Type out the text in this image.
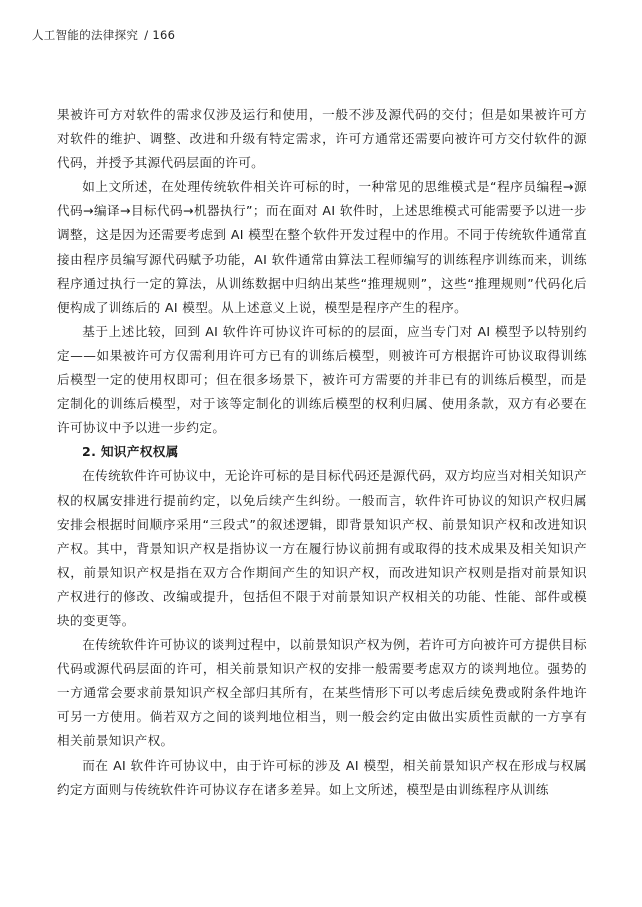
人工智能的法律探究 / 166

果被许可方对软件的需求仅涉及运行和使用，一般不涉及源代码的交付；但是如果被许可方对软件的维护、调整、改进和升级有特定需求，许可方通常还需要向被许可方交付软件的源代码，并授予其源代码层面的许可。

如上文所述，在处理传统软件相关许可标的时，一种常见的思维模式是“程序员编程→源代码→编译→目标代码→机器执行”；而在面对 AI 软件时，上述思维模式可能需要予以进一步调整，这是因为还需要考虑到 AI 模型在整个软件开发过程中的作用。不同于传统软件通常直接由程序员编写源代码赋予功能，AI 软件通常由算法工程师编写的训练程序训练而来，训练程序通过执行一定的算法，从训练数据中归纳出某些“推理规则”，这些“推理规则”代码化后便构成了训练后的 AI 模型。从上述意义上说，模型是程序产生的程序。

基于上述比较，回到 AI 软件许可协议许可标的的层面，应当专门对 AI 模型予以特别约定——如果被许可方仅需利用许可方已有的训练后模型，则被许可方根据许可协议取得训练后模型一定的使用权即可；但在很多场景下，被许可方需要的并非已有的训练后模型，而是定制化的训练后模型，对于该等定制化的训练后模型的权利归属、使用条款，双方有必要在许可协议中予以进一步约定。

2. 知识产权权属

在传统软件许可协议中，无论许可标的是目标代码还是源代码，双方均应当对相关知识产权的权属安排进行提前约定，以免后续产生纠纷。一般而言，软件许可协议的知识产权归属安排会根据时间顺序采用“三段式”的叙述逻辑，即背景知识产权、前景知识产权和改进知识产权。其中，背景知识产权是指协议一方在履行协议前拥有或取得的技术成果及相关知识产权，前景知识产权是指在双方合作期间产生的知识产权，而改进知识产权则是指对前景知识产权进行的修改、改编或提升，包括但不限于对前景知识产权相关的功能、性能、部件或模块的变更等。

在传统软件许可协议的谈判过程中，以前景知识产权为例，若许可方向被许可方提供目标代码或源代码层面的许可，相关前景知识产权的安排一般需要考虑双方的谈判地位。强势的一方通常会要求前景知识产权全部归其所有，在某些情形下可以考虑后续免费或附条件地许可另一方使用。倘若双方之间的谈判地位相当，则一般会约定由做出实质性贡献的一方享有相关前景知识产权。

而在 AI 软件许可协议中，由于许可标的涉及 AI 模型，相关前景知识产权在形成与权属约定方面则与传统软件许可协议存在诸多差异。如上文所述，模型是由训练程序从训练
